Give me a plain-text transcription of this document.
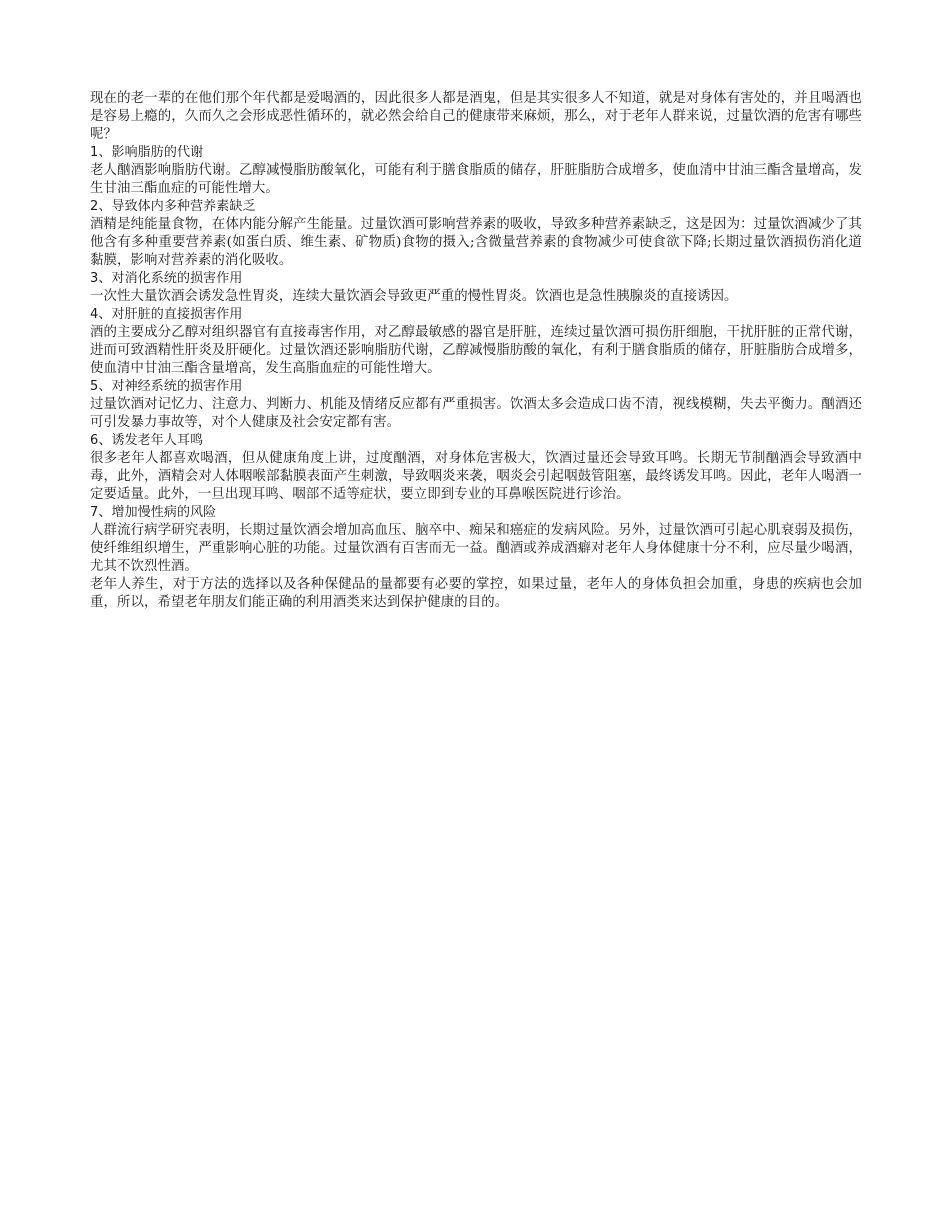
现在的老一辈的在他们那个年代都是爱喝酒的，因此很多人都是酒鬼，但是其实很多人不知道，就是对身体有害处的，并且喝酒也是容易上瘾的，久而久之会形成恶性循环的，就必然会给自己的健康带来麻烦，那么，对于老年人群来说，过量饮酒的危害有哪些呢？

1、影响脂肪的代谢

老人酗酒影响脂肪代谢。乙醇减慢脂肪酸氧化，可能有利于膳食脂质的储存，肝脏脂肪合成增多，使血清中甘油三酯含量增高，发生甘油三酯血症的可能性增大。

2、导致体内多种营养素缺乏

酒精是纯能量食物，在体内能分解产生能量。过量饮酒可影响营养素的吸收，导致多种营养素缺乏，这是因为：过量饮酒减少了其他含有多种重要营养素(如蛋白质、维生素、矿物质)食物的摄入;含微量营养素的食物减少可使食欲下降;长期过量饮酒损伤消化道黏膜，影响对营养素的消化吸收。

3、对消化系统的损害作用

一次性大量饮酒会诱发急性胃炎，连续大量饮酒会导致更严重的慢性胃炎。饮酒也是急性胰腺炎的直接诱因。

4、对肝脏的直接损害作用

酒的主要成分乙醇对组织器官有直接毒害作用，对乙醇最敏感的器官是肝脏，连续过量饮酒可损伤肝细胞，干扰肝脏的正常代谢，进而可致酒精性肝炎及肝硬化。过量饮酒还影响脂肪代谢，乙醇减慢脂肪酸的氧化，有利于膳食脂质的储存，肝脏脂肪合成增多，使血清中甘油三酯含量增高，发生高脂血症的可能性增大。

5、对神经系统的损害作用

过量饮酒对记忆力、注意力、判断力、机能及情绪反应都有严重损害。饮酒太多会造成口齿不清，视线模糊，失去平衡力。酗酒还可引发暴力事故等，对个人健康及社会安定都有害。

6、诱发老年人耳鸣

很多老年人都喜欢喝酒，但从健康角度上讲，过度酗酒，对身体危害极大，饮酒过量还会导致耳鸣。长期无节制酗酒会导致酒中毒，此外，酒精会对人体咽喉部黏膜表面产生刺激，导致咽炎来袭，咽炎会引起咽鼓管阻塞，最终诱发耳鸣。因此，老年人喝酒一定要适量。此外，一旦出现耳鸣、咽部不适等症状，要立即到专业的耳鼻喉医院进行诊治。

7、增加慢性病的风险

人群流行病学研究表明，长期过量饮酒会增加高血压、脑卒中、痴呆和癌症的发病风险。另外，过量饮酒可引起心肌衰弱及损伤，使纤维组织增生，严重影响心脏的功能。过量饮酒有百害而无一益。酗酒或养成酒癖对老年人身体健康十分不利，应尽量少喝酒，尤其不饮烈性酒。

老年人养生，对于方法的选择以及各种保健品的量都要有必要的掌控，如果过量，老年人的身体负担会加重，身患的疾病也会加重，所以，希望老年朋友们能正确的利用酒类来达到保护健康的目的。
